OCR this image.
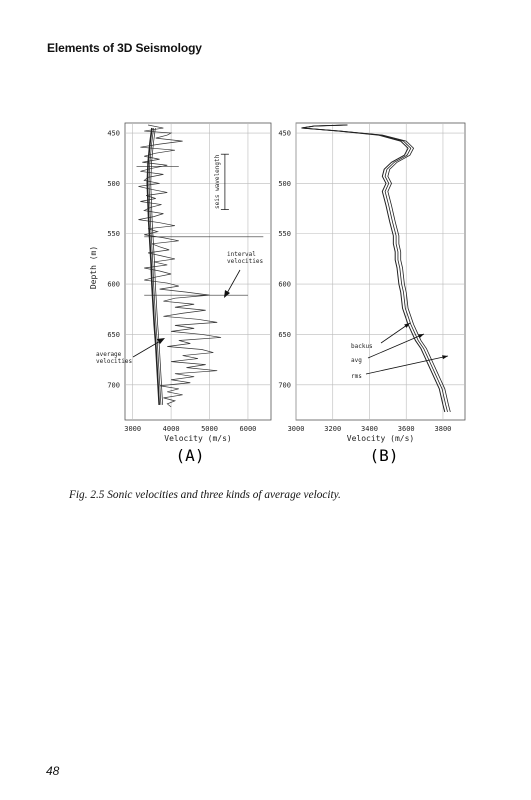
Elements of 3D Seismology
450
500
550
600
650
700
3000	4000	5000	6000
Velocity (m/s)
Depth (m)
seis wavelength
interval velocities
average velocities
450
500
550
600
650
700
3000	3200	3400	3600	3800
Velocity (m/s)
backus
avg
rms
(A)	(B)
Fig. 2.5 Sonic velocities and three kinds of average velocity.
48
